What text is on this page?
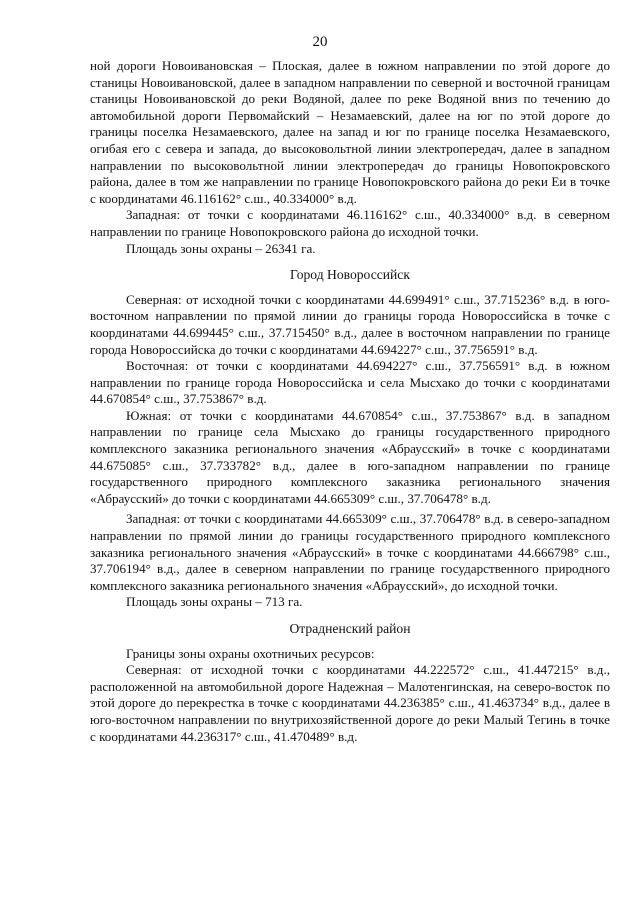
20

ной дороги Новоивановская – Плоская, далее в южном направлении по этой дороге до станицы Новоивановской, далее в западном направлении по северной и восточной границам станицы Новоивановской до реки Водяной, далее по реке Водяной вниз по течению до автомобильной дороги Первомайский – Незамаевский, далее на юг по этой дороге до границы поселка Незамаевского, далее на запад и юг по границе поселка Незамаевского, огибая его с севера и запада, до высоковольтной линии электропередач, далее в западном направлении по высоковольтной линии электропередач до границы Новопокровского района, далее в том же направлении по границе Новопокровского района до реки Еи в точке с координатами 46.116162° с.ш., 40.334000° в.д.

Западная: от точки с координатами 46.116162° с.ш., 40.334000° в.д. в северном направлении по границе Новопокровского района до исходной точки.

Площадь зоны охраны – 26341 га.

Город Новороссийск

Северная: от исходной точки с координатами 44.699491° с.ш., 37.715236° в.д. в юго-восточном направлении по прямой линии до границы города Новороссийска в точке с координатами 44.699445° с.ш., 37.715450° в.д., далее в восточном направлении по границе города Новороссийска до точки с координатами 44.694227° с.ш., 37.756591° в.д.

Восточная: от точки с координатами 44.694227° с.ш., 37.756591° в.д. в южном направлении по границе города Новороссийска и села Мысхако до точки с координатами 44.670854° с.ш., 37.753867° в.д.

Южная: от точки с координатами 44.670854° с.ш., 37.753867° в.д. в западном направлении по границе села Мысхако до границы государственного природного комплексного заказника регионального значения «Абраусский» в точке с координатами 44.675085° с.ш., 37.733782° в.д., далее в юго-западном направлении по границе государственного природного комплексного заказника регионального значения «Абраусский» до точки с координатами 44.665309° с.ш., 37.706478° в.д.

Западная: от точки с координатами 44.665309° с.ш., 37.706478° в.д. в северо-западном направлении по прямой линии до границы государственного природного комплексного заказника регионального значения «Абраусский» в точке с координатами 44.666798° с.ш., 37.706194° в.д., далее в северном направлении по границе государственного природного комплексного заказника регионального значения «Абраусский», до исходной точки.

Площадь зоны охраны – 713 га.

Отрадненский район

Границы зоны охраны охотничьих ресурсов:

Северная: от исходной точки с координатами 44.222572° с.ш., 41.447215° в.д., расположенной на автомобильной дороге Надежная – Малотенгинская, на северо-восток по этой дороге до перекрестка в точке с координатами 44.236385° с.ш., 41.463734° в.д., далее в юго-восточном направлении по внутрихозяйственной дороге до реки Малый Тегинь в точке с координатами 44.236317° с.ш., 41.470489° в.д.
